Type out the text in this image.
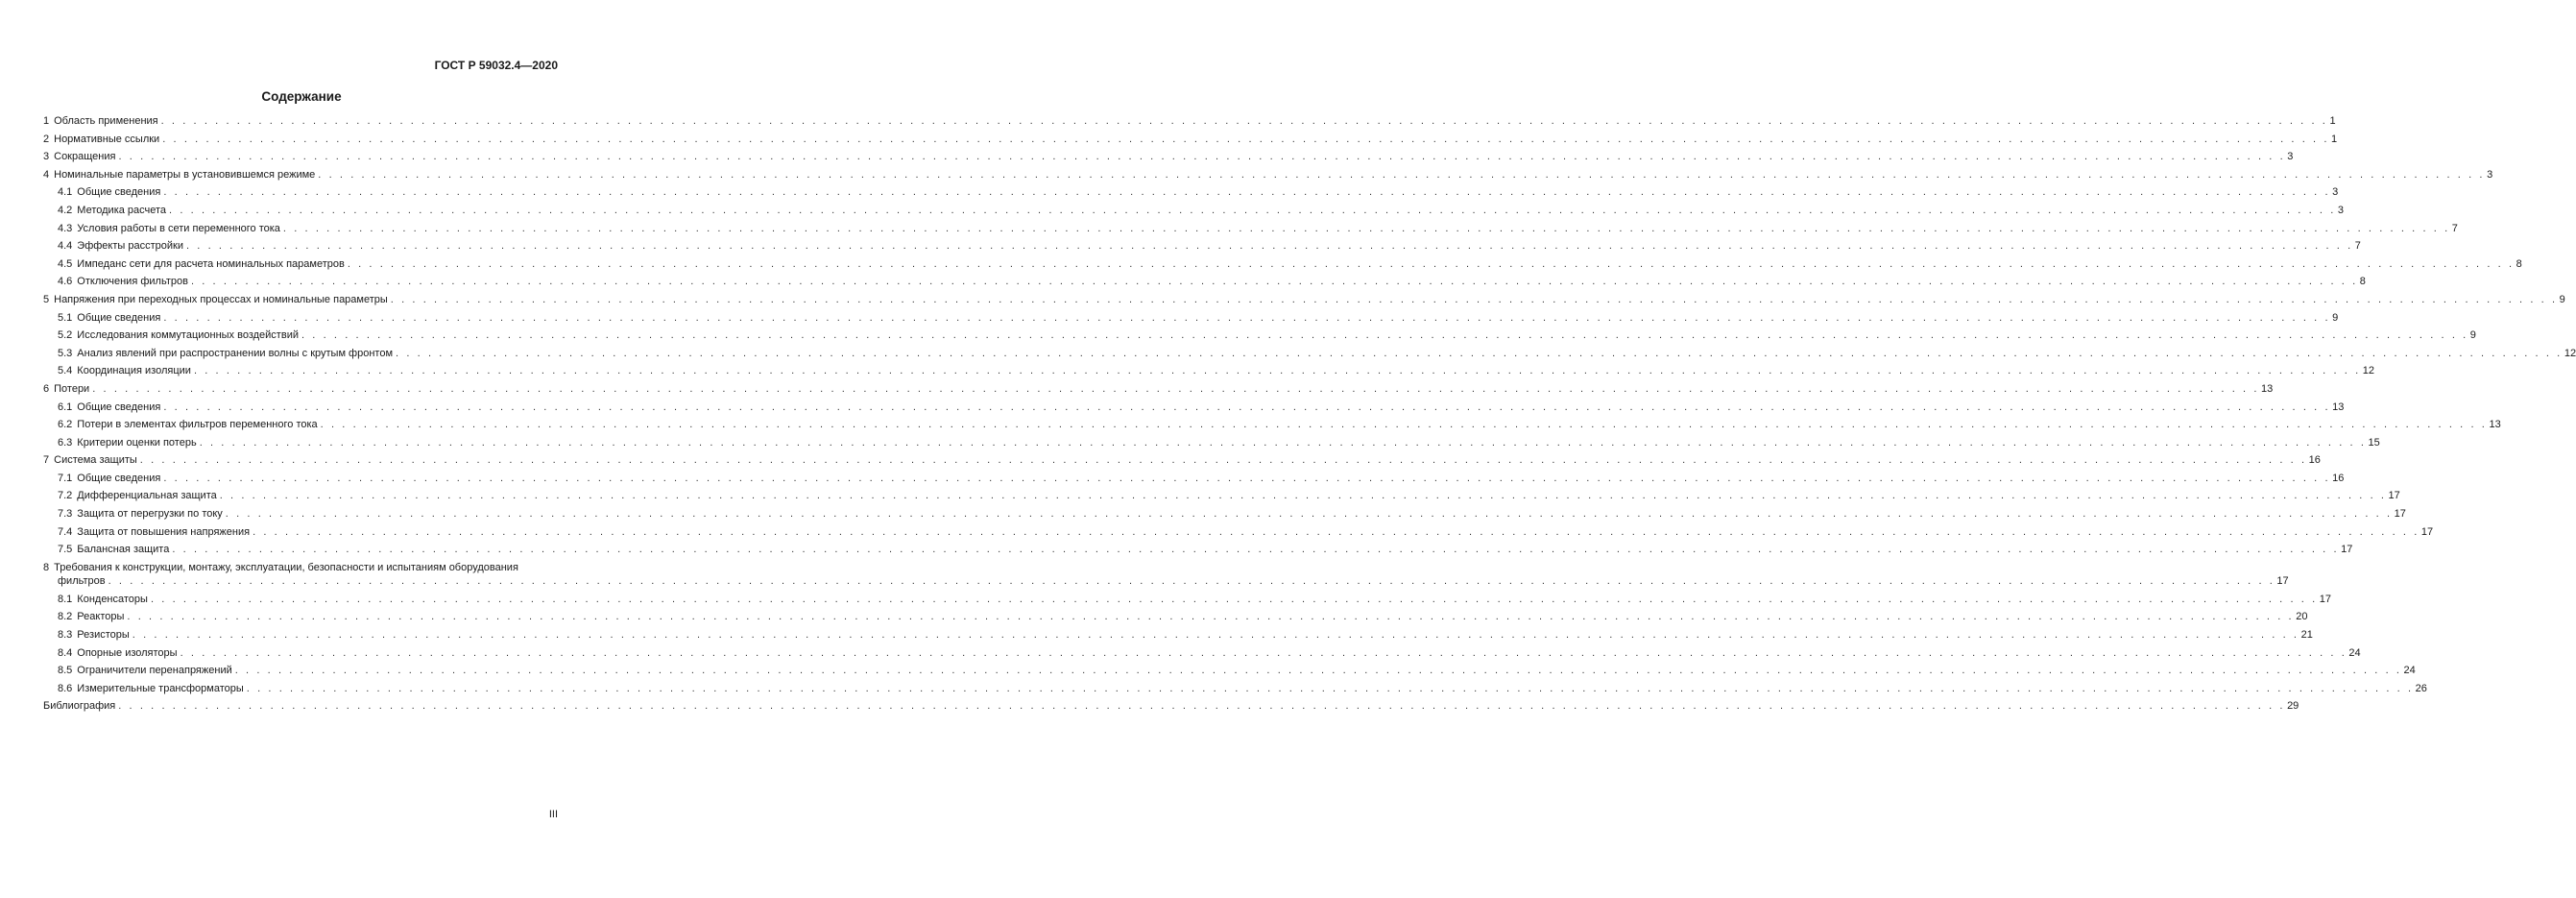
ГОСТ Р 59032.4—2020
Содержание
1 Область применения . . . . . . . . . . . . . . . . . . . . . . . . . . . . . . . . . . . . . . . . . . . . . . . . . . . . . . . . . . . . . . . . . . . . . . . . . . . . . . . . . . . . . . . . . . . . . . . . . . . . . . . . . . . . . . . . . . . . . . . . . . . . . . . . . . . . . . . . . . . . . . . . . . . . . . . . . . . . . . . . . . . . . . . . . . . . . . . . . . . . . . . . . . . . . . . . . . . . . . . . 1
2 Нормативные ссылки . . . . . . . . . . . . . . . . . . . . . . . . . . . . . . . . . . . . . . . . . . . . . . . . . . . . . . . . . . . . . . . . . . . . . . . . . . . . . . . . . . . . . . . . . . . . . . . . . . . . . . . . . . . . . . . . . . . . . . . . . . . . . . . . . . . . . . . . . . . . . . . . . . . . . . . . . . . . . . . . . . . . . . . . . . . . . . . . . . . . . . . . . . . . . . . . . . . . . . . . 1
3 Сокращения . . . . . . . . . . . . . . . . . . . . . . . . . . . . . . . . . . . . . . . . . . . . . . . . . . . . . . . . . . . . . . . . . . . . . . . . . . . . . . . . . . . . . . . . . . . . . . . . . . . . . . . . . . . . . . . . . . . . . . . . . . . . . . . . . . . . . . . . . . . . . . . . . . . . . . . . . . . . . . . . . . . . . . . . . . . . . . . . . . . . . . . . . . . . . . . . . . . . . . . . 3
4 Номинальные параметры в установившемся режиме . . . . . . . . . . . . . . . . . . . . . . . . . . . . . . . . . . . . . . . . . . . . . . . . . . . . . . . . . . . . . . . . . . . . . . . . . . . . . . . . . . . . . . . . . . . . . . . . . . . . . . . . . . . . . . . . . . . . . . . . . . . . . . . . . . . . . . . . . . . . . . . . . . . . . . . . . . . . . . . . . . . . . . . . . . . . . . . . . . . . . . . . . . . . . . . . . . . . . . . . 3
4.1 Общие сведения . . . . . . . . . . . . . . . . . . . . . . . . . . . . . . . . . . . . . . . . . . . . . . . . . . . . . . . . . . . . . . . . . . . . . . . . . . . . . . . . . . . . . . . . . . . . . . . . . . . . . . . . . . . . . . . . . . . . . . . . . . . . . . . . . . . . . . . . . . . . . . . . . . . . . . . . . . . . . . . . . . . . . . . . . . . . . . . . . . . . . . . . . . . . . . . . . . . . . . . . 3
4.2 Методика расчета . . . . . . . . . . . . . . . . . . . . . . . . . . . . . . . . . . . . . . . . . . . . . . . . . . . . . . . . . . . . . . . . . . . . . . . . . . . . . . . . . . . . . . . . . . . . . . . . . . . . . . . . . . . . . . . . . . . . . . . . . . . . . . . . . . . . . . . . . . . . . . . . . . . . . . . . . . . . . . . . . . . . . . . . . . . . . . . . . . . . . . . . . . . . . . . . . . . . . . . . 3
4.3 Условия работы в сети переменного тока . . . . . . . . . . . . . . . . . . . . . . . . . . . . . . . . . . . . . . . . . . . . . . . . . . . . . . . . . . . . . . . . . . . . . . . . . . . . . . . . . . . . . . . . . . . . . . . . . . . . . . . . . . . . . . . . . . . . . . . . . . . . . . . . . . . . . . . . . . . . . . . . . . . . . . . . . . . . . . . . . . . . . . . . . . . . . . . . . . . . . . . . . . . . . . . . . . . . . . . . 7
4.4 Эффекты расстройки . . . . . . . . . . . . . . . . . . . . . . . . . . . . . . . . . . . . . . . . . . . . . . . . . . . . . . . . . . . . . . . . . . . . . . . . . . . . . . . . . . . . . . . . . . . . . . . . . . . . . . . . . . . . . . . . . . . . . . . . . . . . . . . . . . . . . . . . . . . . . . . . . . . . . . . . . . . . . . . . . . . . . . . . . . . . . . . . . . . . . . . . . . . . . . . . . . . . . . . . 7
4.5 Импеданс сети для расчета номинальных параметров . . . . . . . . . . . . . . . . . . . . . . . . . . . . . . . . . . . . . . . . . . . . . . . . . . . . . . . . . . . . . . . . . . . . . . . . . . . . . . . . . . . . . . . . . . . . . . . . . . . . . . . . . . . . . . . . . . . . . . . . . . . . . . . . . . . . . . . . . . . . . . . . . . . . . . . . . . . . . . . . . . . . . . . . . . . . . . . . . . . . . . . . . . . . . . . . . . . . . . . . 8
4.6 Отключения фильтров . . . . . . . . . . . . . . . . . . . . . . . . . . . . . . . . . . . . . . . . . . . . . . . . . . . . . . . . . . . . . . . . . . . . . . . . . . . . . . . . . . . . . . . . . . . . . . . . . . . . . . . . . . . . . . . . . . . . . . . . . . . . . . . . . . . . . . . . . . . . . . . . . . . . . . . . . . . . . . . . . . . . . . . . . . . . . . . . . . . . . . . . . . . . . . . . . . . . . . . . 8
5 Напряжения при переходных процессах и номинальные параметры . . . . . . . . . . . . . . . . . . . . . . . . . . . . . . . . . . . . . . . . . . . . . . . . . . . . . . . . . . . . . . . . . . . . . . . . . . . . . . . . . . . . . . . . . . . . . . . . . . . . . . . . . . . . . . . . . . . . . . . . . . . . . . . . . . . . . . . . . . . . . . . . . . . . . . . . . . . . . . . . . . . . . . . . . . . . . . . . . . . . . . . . . . . . . . . . . . . . . . . . 9
5.1 Общие сведения . . . . . . . . . . . . . . . . . . . . . . . . . . . . . . . . . . . . . . . . . . . . . . . . . . . . . . . . . . . . . . . . . . . . . . . . . . . . . . . . . . . . . . . . . . . . . . . . . . . . . . . . . . . . . . . . . . . . . . . . . . . . . . . . . . . . . . . . . . . . . . . . . . . . . . . . . . . . . . . . . . . . . . . . . . . . . . . . . . . . . . . . . . . . . . . . . . . . . . . . 9
5.2 Исследования коммутационных воздействий . . . . . . . . . . . . . . . . . . . . . . . . . . . . . . . . . . . . . . . . . . . . . . . . . . . . . . . . . . . . . . . . . . . . . . . . . . . . . . . . . . . . . . . . . . . . . . . . . . . . . . . . . . . . . . . . . . . . . . . . . . . . . . . . . . . . . . . . . . . . . . . . . . . . . . . . . . . . . . . . . . . . . . . . . . . . . . . . . . . . . . . . . . . . . . . . . . . . . . . . 9
5.3 Анализ явлений при распространении волны с крутым фронтом . . . . . . . . . . . . . . . . . . . . . . . . . . . . . . . . . . . . . . . . . . . . . . . . . . . . . . . . . . . . . . . . . . . . . . . . . . . . . . . . . . . . . . . . . . . . . . . . . . . . . . . . . . . . . . . . . . . . . . . . . . . . . . . . . . . . . . . . . . . . . . . . . . . . . . . . . . . . . . . . . . . . . . . . . . . . . . . . . . . . . . . . . . . . . . . . . . . . . . . . 12
5.4 Координация изоляции . . . . . . . . . . . . . . . . . . . . . . . . . . . . . . . . . . . . . . . . . . . . . . . . . . . . . . . . . . . . . . . . . . . . . . . . . . . . . . . . . . . . . . . . . . . . . . . . . . . . . . . . . . . . . . . . . . . . . . . . . . . . . . . . . . . . . . . . . . . . . . . . . . . . . . . . . . . . . . . . . . . . . . . . . . . . . . . . . . . . . . . . . . . . . . . . . . . . . . . . 12
6 Потери . . . . . . . . . . . . . . . . . . . . . . . . . . . . . . . . . . . . . . . . . . . . . . . . . . . . . . . . . . . . . . . . . . . . . . . . . . . . . . . . . . . . . . . . . . . . . . . . . . . . . . . . . . . . . . . . . . . . . . . . . . . . . . . . . . . . . . . . . . . . . . . . . . . . . . . . . . . . . . . . . . . . . . . . . . . . . . . . . . . . . . . . . . . . . . . . . . . . . . . . 13
6.1 Общие сведения . . . . . . . . . . . . . . . . . . . . . . . . . . . . . . . . . . . . . . . . . . . . . . . . . . . . . . . . . . . . . . . . . . . . . . . . . . . . . . . . . . . . . . . . . . . . . . . . . . . . . . . . . . . . . . . . . . . . . . . . . . . . . . . . . . . . . . . . . . . . . . . . . . . . . . . . . . . . . . . . . . . . . . . . . . . . . . . . . . . . . . . . . . . . . . . . . . . . . . . . 13
6.2 Потери в элементах фильтров переменного тока . . . . . . . . . . . . . . . . . . . . . . . . . . . . . . . . . . . . . . . . . . . . . . . . . . . . . . . . . . . . . . . . . . . . . . . . . . . . . . . . . . . . . . . . . . . . . . . . . . . . . . . . . . . . . . . . . . . . . . . . . . . . . . . . . . . . . . . . . . . . . . . . . . . . . . . . . . . . . . . . . . . . . . . . . . . . . . . . . . . . . . . . . . . . . . . . . . . . . . . . 13
6.3 Критерии оценки потерь . . . . . . . . . . . . . . . . . . . . . . . . . . . . . . . . . . . . . . . . . . . . . . . . . . . . . . . . . . . . . . . . . . . . . . . . . . . . . . . . . . . . . . . . . . . . . . . . . . . . . . . . . . . . . . . . . . . . . . . . . . . . . . . . . . . . . . . . . . . . . . . . . . . . . . . . . . . . . . . . . . . . . . . . . . . . . . . . . . . . . . . . . . . . . . . . . . . . . . . . 15
7 Система защиты . . . . . . . . . . . . . . . . . . . . . . . . . . . . . . . . . . . . . . . . . . . . . . . . . . . . . . . . . . . . . . . . . . . . . . . . . . . . . . . . . . . . . . . . . . . . . . . . . . . . . . . . . . . . . . . . . . . . . . . . . . . . . . . . . . . . . . . . . . . . . . . . . . . . . . . . . . . . . . . . . . . . . . . . . . . . . . . . . . . . . . . . . . . . . . . . . . . . . . . . 16
7.1 Общие сведения . . . . . . . . . . . . . . . . . . . . . . . . . . . . . . . . . . . . . . . . . . . . . . . . . . . . . . . . . . . . . . . . . . . . . . . . . . . . . . . . . . . . . . . . . . . . . . . . . . . . . . . . . . . . . . . . . . . . . . . . . . . . . . . . . . . . . . . . . . . . . . . . . . . . . . . . . . . . . . . . . . . . . . . . . . . . . . . . . . . . . . . . . . . . . . . . . . . . . . . . 16
7.2 Дифференциальная защита . . . . . . . . . . . . . . . . . . . . . . . . . . . . . . . . . . . . . . . . . . . . . . . . . . . . . . . . . . . . . . . . . . . . . . . . . . . . . . . . . . . . . . . . . . . . . . . . . . . . . . . . . . . . . . . . . . . . . . . . . . . . . . . . . . . . . . . . . . . . . . . . . . . . . . . . . . . . . . . . . . . . . . . . . . . . . . . . . . . . . . . . . . . . . . . . . . . . . . . . 17
7.3 Защита от перегрузки по току . . . . . . . . . . . . . . . . . . . . . . . . . . . . . . . . . . . . . . . . . . . . . . . . . . . . . . . . . . . . . . . . . . . . . . . . . . . . . . . . . . . . . . . . . . . . . . . . . . . . . . . . . . . . . . . . . . . . . . . . . . . . . . . . . . . . . . . . . . . . . . . . . . . . . . . . . . . . . . . . . . . . . . . . . . . . . . . . . . . . . . . . . . . . . . . . . . . . . . . . 17
7.4 Защита от повышения напряжения . . . . . . . . . . . . . . . . . . . . . . . . . . . . . . . . . . . . . . . . . . . . . . . . . . . . . . . . . . . . . . . . . . . . . . . . . . . . . . . . . . . . . . . . . . . . . . . . . . . . . . . . . . . . . . . . . . . . . . . . . . . . . . . . . . . . . . . . . . . . . . . . . . . . . . . . . . . . . . . . . . . . . . . . . . . . . . . . . . . . . . . . . . . . . . . . . . . . . . . . 17
7.5 Балансная защита . . . . . . . . . . . . . . . . . . . . . . . . . . . . . . . . . . . . . . . . . . . . . . . . . . . . . . . . . . . . . . . . . . . . . . . . . . . . . . . . . . . . . . . . . . . . . . . . . . . . . . . . . . . . . . . . . . . . . . . . . . . . . . . . . . . . . . . . . . . . . . . . . . . . . . . . . . . . . . . . . . . . . . . . . . . . . . . . . . . . . . . . . . . . . . . . . . . . . . . . 17
8 Требования к конструкции, монтажу, эксплуатации, безопасности и испытаниям оборудования
фильтров . . . . . . . . . . . . . . . . . . . . . . . . . . . . . . . . . . . . . . . . . . . . . . . . . . . . . . . . . . . . . . . . . . . . . . . . . . . . . . . . . . . . . . . . . . . . . . . . . . . . . . . . . . . . . . . . . . . . . . . . . . . . . . . . . . . . . . . . . . . . . . . . . . . . . . . . . . . . . . . . . . . . . . . . . . . . . . . . . . . . . . . . . . . . . . . . . . . . . . . . 17
8.1 Конденсаторы . . . . . . . . . . . . . . . . . . . . . . . . . . . . . . . . . . . . . . . . . . . . . . . . . . . . . . . . . . . . . . . . . . . . . . . . . . . . . . . . . . . . . . . . . . . . . . . . . . . . . . . . . . . . . . . . . . . . . . . . . . . . . . . . . . . . . . . . . . . . . . . . . . . . . . . . . . . . . . . . . . . . . . . . . . . . . . . . . . . . . . . . . . . . . . . . . . . . . . . . 17
8.2 Реакторы . . . . . . . . . . . . . . . . . . . . . . . . . . . . . . . . . . . . . . . . . . . . . . . . . . . . . . . . . . . . . . . . . . . . . . . . . . . . . . . . . . . . . . . . . . . . . . . . . . . . . . . . . . . . . . . . . . . . . . . . . . . . . . . . . . . . . . . . . . . . . . . . . . . . . . . . . . . . . . . . . . . . . . . . . . . . . . . . . . . . . . . . . . . . . . . . . . . . . . . . 20
8.3 Резисторы . . . . . . . . . . . . . . . . . . . . . . . . . . . . . . . . . . . . . . . . . . . . . . . . . . . . . . . . . . . . . . . . . . . . . . . . . . . . . . . . . . . . . . . . . . . . . . . . . . . . . . . . . . . . . . . . . . . . . . . . . . . . . . . . . . . . . . . . . . . . . . . . . . . . . . . . . . . . . . . . . . . . . . . . . . . . . . . . . . . . . . . . . . . . . . . . . . . . . . . . 21
8.4 Опорные изоляторы . . . . . . . . . . . . . . . . . . . . . . . . . . . . . . . . . . . . . . . . . . . . . . . . . . . . . . . . . . . . . . . . . . . . . . . . . . . . . . . . . . . . . . . . . . . . . . . . . . . . . . . . . . . . . . . . . . . . . . . . . . . . . . . . . . . . . . . . . . . . . . . . . . . . . . . . . . . . . . . . . . . . . . . . . . . . . . . . . . . . . . . . . . . . . . . . . . . . . . . . 24
8.5 Ограничители перенапряжений . . . . . . . . . . . . . . . . . . . . . . . . . . . . . . . . . . . . . . . . . . . . . . . . . . . . . . . . . . . . . . . . . . . . . . . . . . . . . . . . . . . . . . . . . . . . . . . . . . . . . . . . . . . . . . . . . . . . . . . . . . . . . . . . . . . . . . . . . . . . . . . . . . . . . . . . . . . . . . . . . . . . . . . . . . . . . . . . . . . . . . . . . . . . . . . . . . . . . . . . 24
8.6 Измерительные трансформаторы . . . . . . . . . . . . . . . . . . . . . . . . . . . . . . . . . . . . . . . . . . . . . . . . . . . . . . . . . . . . . . . . . . . . . . . . . . . . . . . . . . . . . . . . . . . . . . . . . . . . . . . . . . . . . . . . . . . . . . . . . . . . . . . . . . . . . . . . . . . . . . . . . . . . . . . . . . . . . . . . . . . . . . . . . . . . . . . . . . . . . . . . . . . . . . . . . . . . . . . . 26
Библиография . . . . . . . . . . . . . . . . . . . . . . . . . . . . . . . . . . . . . . . . . . . . . . . . . . . . . . . . . . . . . . . . . . . . . . . . . . . . . . . . . . . . . . . . . . . . . . . . . . . . . . . . . . . . . . . . . . . . . . . . . . . . . . . . . . . . . . . . . . . . . . . . . . . . . . . . . . . . . . . . . . . . . . . . . . . . . . . . . . . . . . . . . . . . . . . . . . . . . . . . 29
III
